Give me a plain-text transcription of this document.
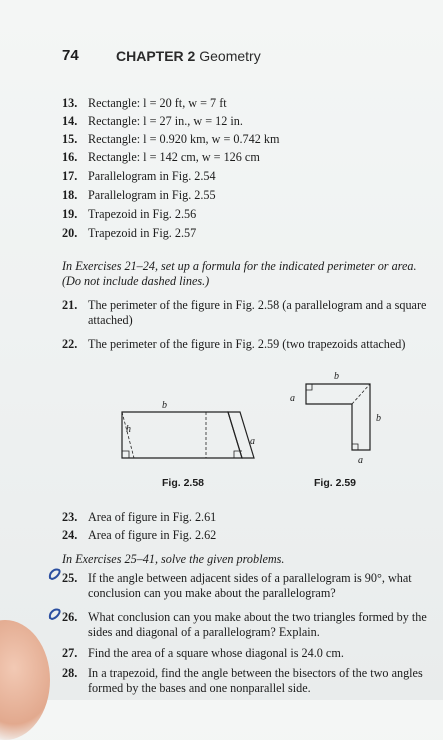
74	CHAPTER 2 Geometry
13. Rectangle: l = 20 ft, w = 7 ft
14. Rectangle: l = 27 in., w = 12 in.
15. Rectangle: l = 0.920 km, w = 0.742 km
16. Rectangle: l = 142 cm, w = 126 cm
17. Parallelogram in Fig. 2.54
18. Parallelogram in Fig. 2.55
19. Trapezoid in Fig. 2.56
20. Trapezoid in Fig. 2.57
In Exercises 21–24, set up a formula for the indicated perimeter or area. (Do not include dashed lines.)
21. The perimeter of the figure in Fig. 2.58 (a parallelogram and a square attached)
22. The perimeter of the figure in Fig. 2.59 (two trapezoids attached)
b
h
a
Fig. 2.58
b
b
a
a
Fig. 2.59
23. Area of figure in Fig. 2.61
24. Area of figure in Fig. 2.62
In Exercises 25–41, solve the given problems.
25. If the angle between adjacent sides of a parallelogram is 90°, what conclusion can you make about the parallelogram?
26. What conclusion can you make about the two triangles formed by the sides and diagonal of a parallelogram? Explain.
27. Find the area of a square whose diagonal is 24.0 cm.
28. In a trapezoid, find the angle between the bisectors of the two angles formed by the bases and one nonparallel side.
